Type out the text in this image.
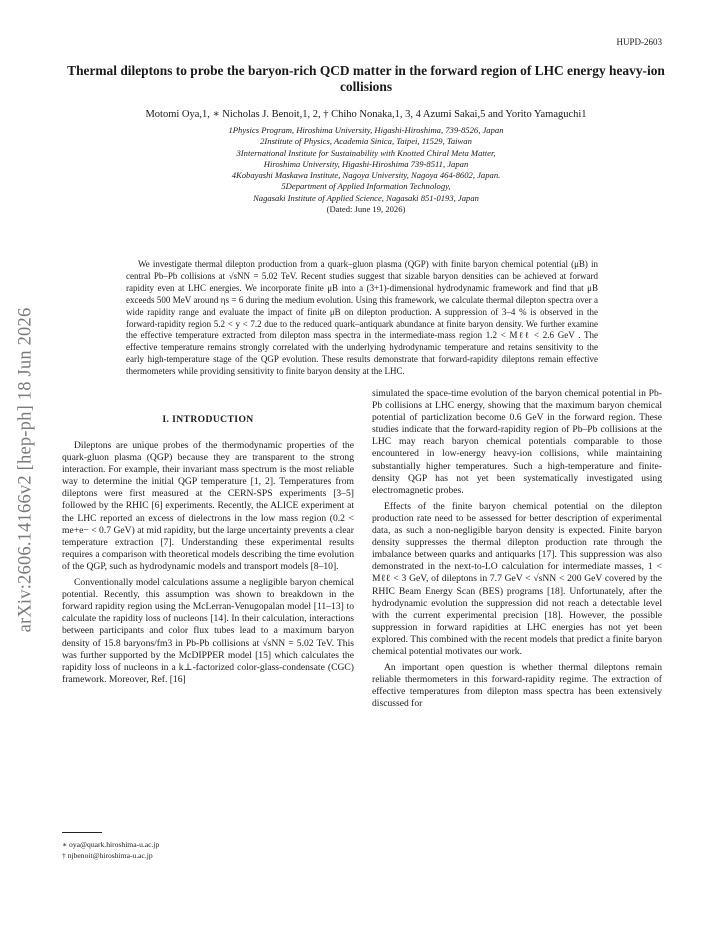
HUPD-2603
arXiv:2606.14166v2 [hep-ph] 18 Jun 2026
Thermal dileptons to probe the baryon-rich QCD matter in the forward region of LHC energy heavy-ion collisions
Motomi Oya,1, ∗ Nicholas J. Benoit,1, 2, † Chiho Nonaka,1, 3, 4 Azumi Sakai,5 and Yorito Yamaguchi1
1Physics Program, Hiroshima University, Higashi-Hiroshima, 739-8526, Japan
2Institute of Physics, Academia Sinica, Taipei, 11529, Taiwan
3International Institute for Sustainability with Knotted Chiral Meta Matter,
Hiroshima University, Higashi-Hiroshima 739-8511, Japan
4Kobayashi Maskawa Institute, Nagoya University, Nagoya 464-8602, Japan.
5Department of Applied Information Technology,
Nagasaki Institute of Applied Science, Nagasaki 851-0193, Japan
(Dated: June 19, 2026)
We investigate thermal dilepton production from a quark–gluon plasma (QGP) with finite baryon chemical potential (μB) in central Pb–Pb collisions at √sNN = 5.02 TeV. Recent studies suggest that sizable baryon densities can be achieved at forward rapidity even at LHC energies. We incorporate finite μB into a (3+1)-dimensional hydrodynamic framework and find that μB exceeds 500 MeV around ηs = 6 during the medium evolution. Using this framework, we calculate thermal dilepton spectra over a wide rapidity range and evaluate the impact of finite μB on dilepton production. A suppression of 3–4 % is observed in the forward-rapidity region 5.2 < y < 7.2 due to the reduced quark–antiquark abundance at finite baryon density. We further examine the effective temperature extracted from dilepton mass spectra in the intermediate-mass region 1.2 < Mℓℓ < 2.6 GeV . The effective temperature remains strongly correlated with the underlying hydrodynamic temperature and retains sensitivity to the early high-temperature stage of the QGP evolution. These results demonstrate that forward-rapidity dileptons remain effective thermometers while providing sensitivity to finite baryon density at the LHC.
I. INTRODUCTION

Dileptons are unique probes of the thermodynamic properties of the quark-gluon plasma (QGP) because they are transparent to the strong interaction. For example, their invariant mass spectrum is the most reliable way to determine the initial QGP temperature [1, 2]. Temperatures from dileptons were first measured at the CERN-SPS experiments [3–5] followed by the RHIC [6] experiments. Recently, the ALICE experiment at the LHC reported an excess of dielectrons in the low mass region (0.2 < me+e− < 0.7 GeV) at mid rapidity, but the large uncertainty prevents a clear temperature extraction [7]. Understanding these experimental results requires a comparison with theoretical models describing the time evolution of the QGP, such as hydrodynamic models and transport models [8–10].

Conventionally model calculations assume a negligible baryon chemical potential. Recently, this assumption was shown to breakdown in the forward rapidity region using the McLerran-Venugopalan model [11–13] to calculate the rapidity loss of nucleons [14]. In their calculation, interactions between participants and color flux tubes lead to a maximum baryon density of 15.8 baryons/fm3 in Pb-Pb collisions at √sNN = 5.02 TeV. This was further supported by the McDIPPER model [15] which calculates the rapidity loss of nucleons in a k⊥-factorized color-glass-condensate (CGC) framework. Moreover, Ref. [16]

simulated the space-time evolution of the baryon chemical potential in Pb-Pb collisions at LHC energy, showing that the maximum baryon chemical potential of particlization become 0.6 GeV in the forward region. These studies indicate that the forward-rapidity region of Pb–Pb collisions at the LHC may reach baryon chemical potentials comparable to those encountered in low-energy heavy-ion collisions, while maintaining substantially higher temperatures. Such a high-temperature and finite-density QGP has not yet been systematically investigated using electromagnetic probes.

Effects of the finite baryon chemical potential on the dilepton production rate need to be assessed for better description of experimental data, as such a non-negligible baryon density is expected. Finite baryon density suppresses the thermal dilepton production rate through the imbalance between quarks and antiquarks [17]. This suppression was also demonstrated in the next-to-LO calculation for intermediate masses, 1 < Mℓℓ < 3 GeV, of dileptons in 7.7 GeV < √sNN < 200 GeV covered by the RHIC Beam Energy Scan (BES) programs [18]. Unfortunately, after the hydrodynamic evolution the suppression did not reach a detectable level with the current experimental precision [18]. However, the possible suppression in forward rapidities at LHC energies has not yet been explored. This combined with the recent models that predict a finite baryon chemical potential motivates our work.

An important open question is whether thermal dileptons remain reliable thermometers in this forward-rapidity regime. The extraction of effective temperatures from dilepton mass spectra has been extensively discussed for

∗ oya@quark.hiroshima-u.ac.jp
† njbenoit@hiroshima-u.ac.jp
